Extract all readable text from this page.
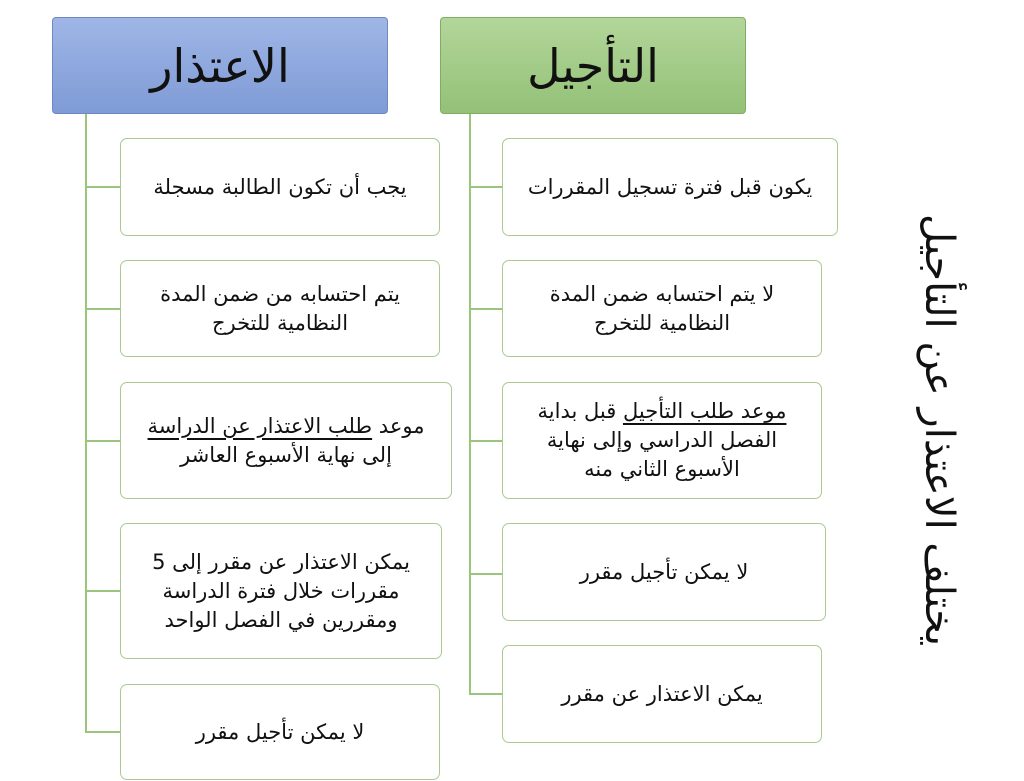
الاعتذار	التأجيل
يجب أن تكون الطالبة مسجلة
يتم احتسابه من ضمن المدة النظامية للتخرج
موعد طلب الاعتذار عن الدراسة إلى نهاية الأسبوع العاشر
يمكن الاعتذار عن مقرر إلى 5 مقررات خلال فترة الدراسة ومقررين في الفصل الواحد
لا يمكن تأجيل مقرر
يكون قبل فترة تسجيل المقررات
لا يتم احتسابه ضمن المدة النظامية للتخرج
موعد طلب التأجيل قبل بداية الفصل الدراسي وإلى نهاية الأسبوع الثاني منه
لا يمكن تأجيل مقرر
يمكن الاعتذار عن مقرر
يختلف الاعتذار عن التأجيل
